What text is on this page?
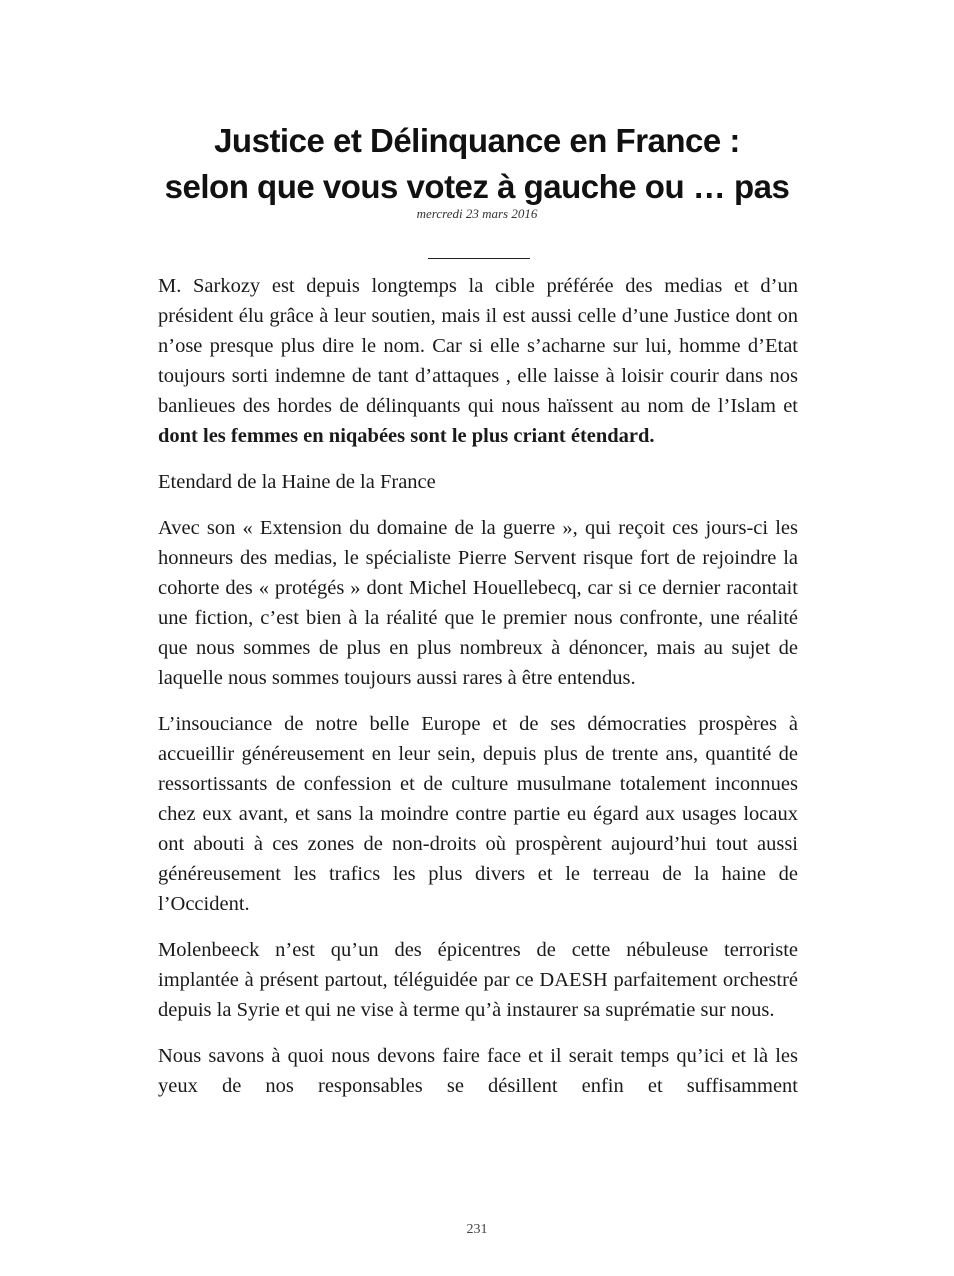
Justice et Délinquance en France :
selon que vous votez à gauche ou … pas
mercredi 23 mars 2016

M. Sarkozy est depuis longtemps la cible préférée des medias et d’un président élu grâce à leur soutien, mais il est aussi celle d’une Justice dont on n’ose presque plus dire le nom. Car si elle s’acharne sur lui, homme d’Etat toujours sorti indemne de tant d’attaques , elle laisse à loisir courir dans nos banlieues des hordes de délinquants qui nous haïssent au nom de l’Islam et dont les femmes en niqabées sont le plus criant étendard.

Etendard de la Haine de la France

Avec son « Extension du domaine de la guerre », qui reçoit ces jours-ci les honneurs des medias, le spécialiste Pierre Servent risque fort de rejoindre la cohorte des « protégés » dont Michel Houellebecq, car si ce dernier racontait une fiction, c’est bien à la réalité que le premier nous confronte, une réalité que nous sommes de plus en plus nombreux à dénoncer, mais au sujet de laquelle nous sommes toujours aussi rares à être entendus.

L’insouciance de notre belle Europe et de ses démocraties prospères à accueillir généreusement en leur sein, depuis plus de trente ans, quantité de ressortissants de confession et de culture musulmane totalement inconnues chez eux avant, et sans la moindre contre partie eu égard aux usages locaux ont abouti à ces zones de non-droits où prospèrent aujourd’hui tout aussi généreusement les trafics les plus divers et le terreau de la haine de l’Occident.

Molenbeeck n’est qu’un des épicentres de cette nébuleuse terroriste implantée à présent partout, téléguidée par ce DAESH parfaitement orchestré depuis la Syrie et qui ne vise à terme qu’à instaurer sa suprématie sur nous.

Nous savons à quoi nous devons faire face et il serait temps qu’ici et là les yeux de nos responsables se désillent enfin et suffisamment

231
